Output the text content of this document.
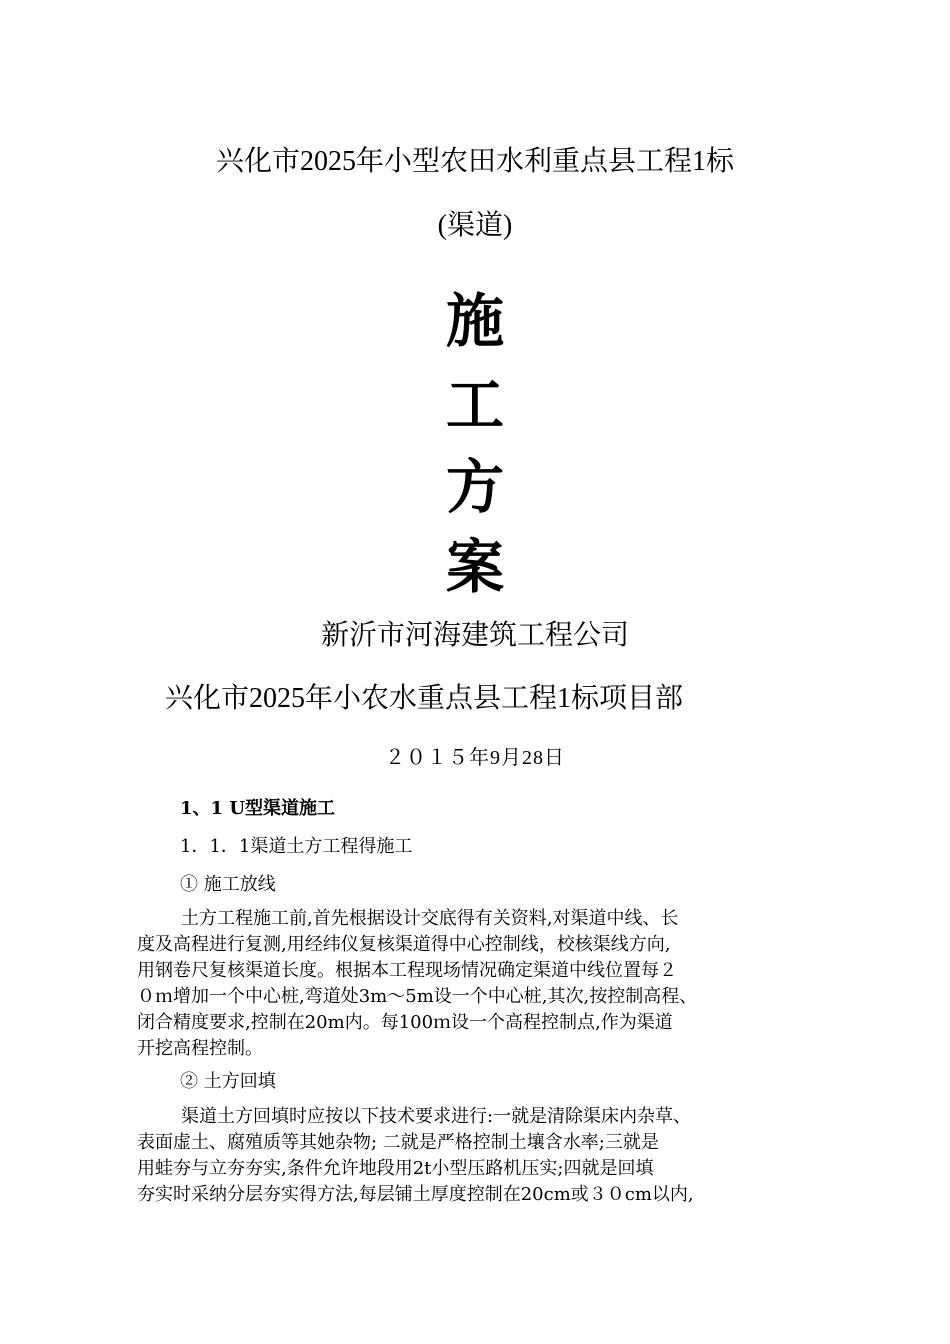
兴化市2025年小型农田水利重点县工程1标
(渠道)
施
工
方
案
新沂市河海建筑工程公司
兴化市2025年小农水重点县工程1标项目部
２０１５年9月28日
1、1 U型渠道施工
1．1．1渠道土方工程得施工
① 施工放线
土方工程施工前,首先根据设计交底得有关资料,对渠道中线、长
度及高程进行复测,用经纬仪复核渠道得中心控制线，校核渠线方向,
用钢卷尺复核渠道长度。根据本工程现场情况确定渠道中线位置每２
０ｍ增加一个中心桩,弯道处3m～5m设一个中心桩,其次,按控制高程、
闭合精度要求,控制在20m内。每100ｍ设一个高程控制点,作为渠道
开挖高程控制。
② 土方回填
渠道土方回填时应按以下技术要求进行:一就是清除渠床内杂草、
表面虚土、腐殖质等其她杂物; 二就是严格控制土壤含水率;三就是
用蛙夯与立夯夯实,条件允许地段用2t小型压路机压实;四就是回填
夯实时采纳分层夯实得方法,每层铺土厚度控制在20cm或３０cm以内,
